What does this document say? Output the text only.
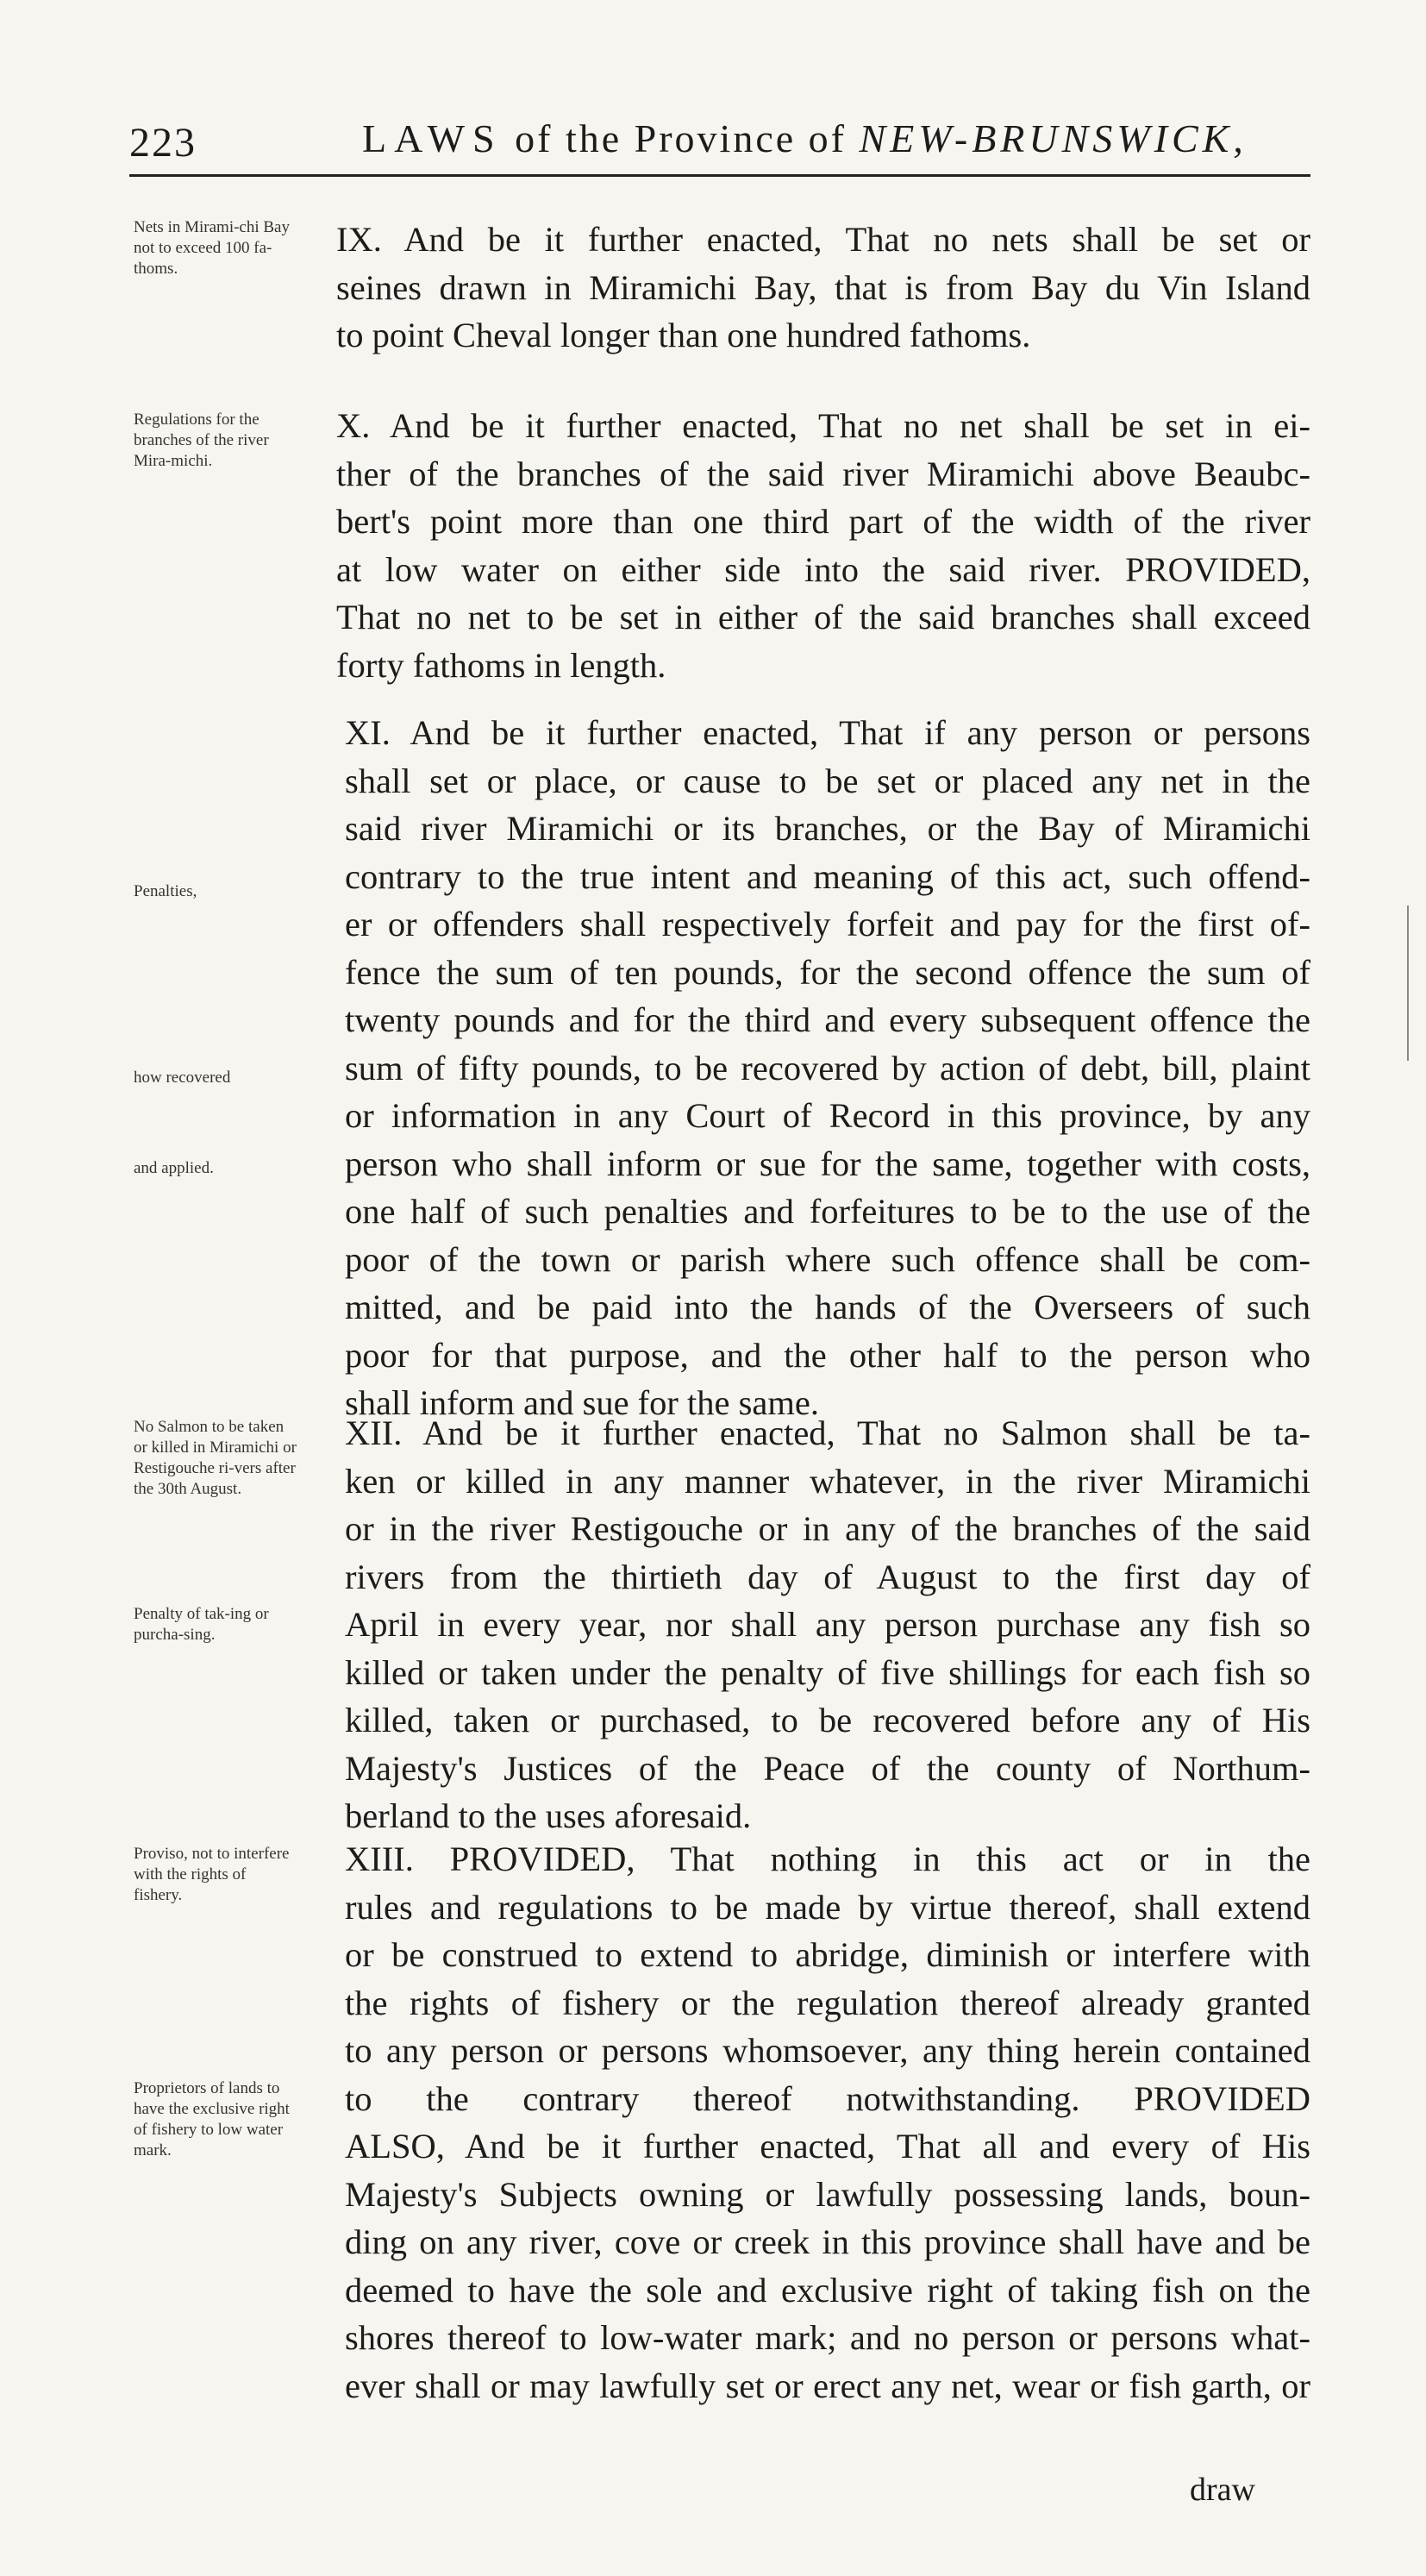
223	LAWS of the Province of NEW-BRUNSWICK,
Nets in Mirami-chi Bay not to exceed 100 fa-thoms.
Regulations for the branches of the river Mira-michi.
Penalties,
how recovered
and applied.
No Salmon to be taken or killed in Miramichi or Restigouche ri-vers after the 30th August.
Penalty of tak-ing or purcha-sing.
Proviso, not to interfere with the rights of fishery.
Proprietors of lands to have the exclusive right of fishery to low water mark.
IX. And be it further enacted, That no nets shall be set or
seines drawn in Miramichi Bay, that is from Bay du Vin Island
to point Cheval longer than one hundred fathoms.
X. And be it further enacted, That no net shall be set in ei-
ther of the branches of the said river Miramichi above Beaubc-
bert's point more than one third part of the width of the river
at low water on either side into the said river. PROVIDED,
That no net to be set in either of the said branches shall exceed
forty fathoms in length.
XI. And be it further enacted, That if any person or persons
shall set or place, or cause to be set or placed any net in the
said river Miramichi or its branches, or the Bay of Miramichi
contrary to the true intent and meaning of this act, such offend-
er or offenders shall respectively forfeit and pay for the first of-
fence the sum of ten pounds, for the second offence the sum of
twenty pounds and for the third and every subsequent offence the
sum of fifty pounds, to be recovered by action of debt, bill, plaint
or information in any Court of Record in this province, by any
person who shall inform or sue for the same, together with costs,
one half of such penalties and forfeitures to be to the use of the
poor of the town or parish where such offence shall be com-
mitted, and be paid into the hands of the Overseers of such
poor for that purpose, and the other half to the person who
shall inform and sue for the same.
XII. And be it further enacted, That no Salmon shall be ta-
ken or killed in any manner whatever, in the river Miramichi
or in the river Restigouche or in any of the branches of the said
rivers from the thirtieth day of August to the first day of
April in every year, nor shall any person purchase any fish so
killed or taken under the penalty of five shillings for each fish so
killed, taken or purchased, to be recovered before any of His
Majesty's Justices of the Peace of the county of Northum-
berland to the uses aforesaid.
XIII. PROVIDED, That nothing in this act or in the
rules and regulations to be made by virtue thereof, shall extend
or be construed to extend to abridge, diminish or interfere with
the rights of fishery or the regulation thereof already granted
to any person or persons whomsoever, any thing herein contained
to the contrary thereof notwithstanding. PROVIDED
ALSO, And be it further enacted, That all and every of His
Majesty's Subjects owning or lawfully possessing lands, boun-
ding on any river, cove or creek in this province shall have and be
deemed to have the sole and exclusive right of taking fish on the
shores thereof to low-water mark; and no person or persons what-
ever shall or may lawfully set or erect any net, wear or fish garth, or
draw
